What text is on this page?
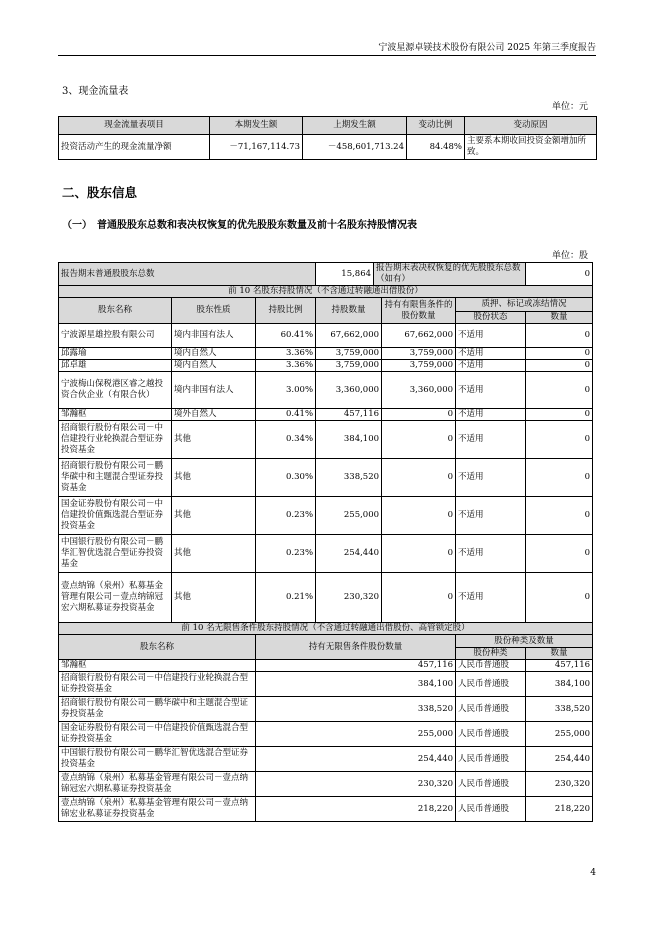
宁波星源卓镁技术股份有限公司 2025 年第三季度报告
3、现金流量表
单位：元
现金流量表项目	本期发生额	上期发生额	变动比例	变动原因
投资活动产生的现金流量净额	－71,167,114.73	－458,601,713.24	84.48%	主要系本期收回投资金额增加所致。
二、股东信息
（一）　普通股股东总数和表决权恢复的优先股股东数量及前十名股东持股情况表
单位：股
报告期末普通股股东总数			15,864	报告期末表决权恢复的优先股股东总数（如有）			0
前 10 名股东持股情况（不含通过转融通出借股份）							
股东名称	股东性质	持股比例	持股数量		持有有限售条件的股份数量	质押、标记或冻结情况	
						股份状态	数量
宁波源星雄控股有限公司	境内非国有法人	60.41%	67,662,000		67,662,000	不适用	0
邱露瑜	境内自然人	3.36%	3,759,000		3,759,000	不适用	0
邱卓雄	境内自然人	3.36%	3,759,000		3,759,000	不适用	0
宁波梅山保税港区睿之越投资合伙企业（有限合伙）	境内非国有法人	3.00%	3,360,000		3,360,000	不适用	0
邹瀚枢	境外自然人	0.41%	457,116		0	不适用	0
招商银行股份有限公司－中信建投行业轮换混合型证券投资基金	其他	0.34%	384,100		0	不适用	0
招商银行股份有限公司－鹏华碳中和主题混合型证券投资基金	其他	0.30%	338,520		0	不适用	0
国金证券股份有限公司－中信建投价值甄选混合型证券投资基金	其他	0.23%	255,000		0	不适用	0
中国银行股份有限公司－鹏华汇智优选混合型证券投资基金	其他	0.23%	254,440		0	不适用	0
壹点纳锦（泉州）私募基金管理有限公司－壹点纳锦冠宏六期私募证券投资基金	其他	0.21%	230,320		0	不适用	0
前 10 名无限售条件股东持股情况（不含通过转融通出借股份、高管锁定股）							
股东名称		持有无限售条件股份数量				股份种类及数量	
						股份种类	数量
邹瀚枢		457,116				人民币普通股	457,116
招商银行股份有限公司－中信建投行业轮换混合型证券投资基金		384,100				人民币普通股	384,100
招商银行股份有限公司－鹏华碳中和主题混合型证券投资基金		338,520				人民币普通股	338,520
国金证券股份有限公司－中信建投价值甄选混合型证券投资基金		255,000				人民币普通股	255,000
中国银行股份有限公司－鹏华汇智优选混合型证券投资基金		254,440				人民币普通股	254,440
壹点纳锦（泉州）私募基金管理有限公司－壹点纳锦冠宏六期私募证券投资基金		230,320				人民币普通股	230,320
壹点纳锦（泉州）私募基金管理有限公司－壹点纳锦宏业私募证券投资基金		218,220				人民币普通股	218,220
4
